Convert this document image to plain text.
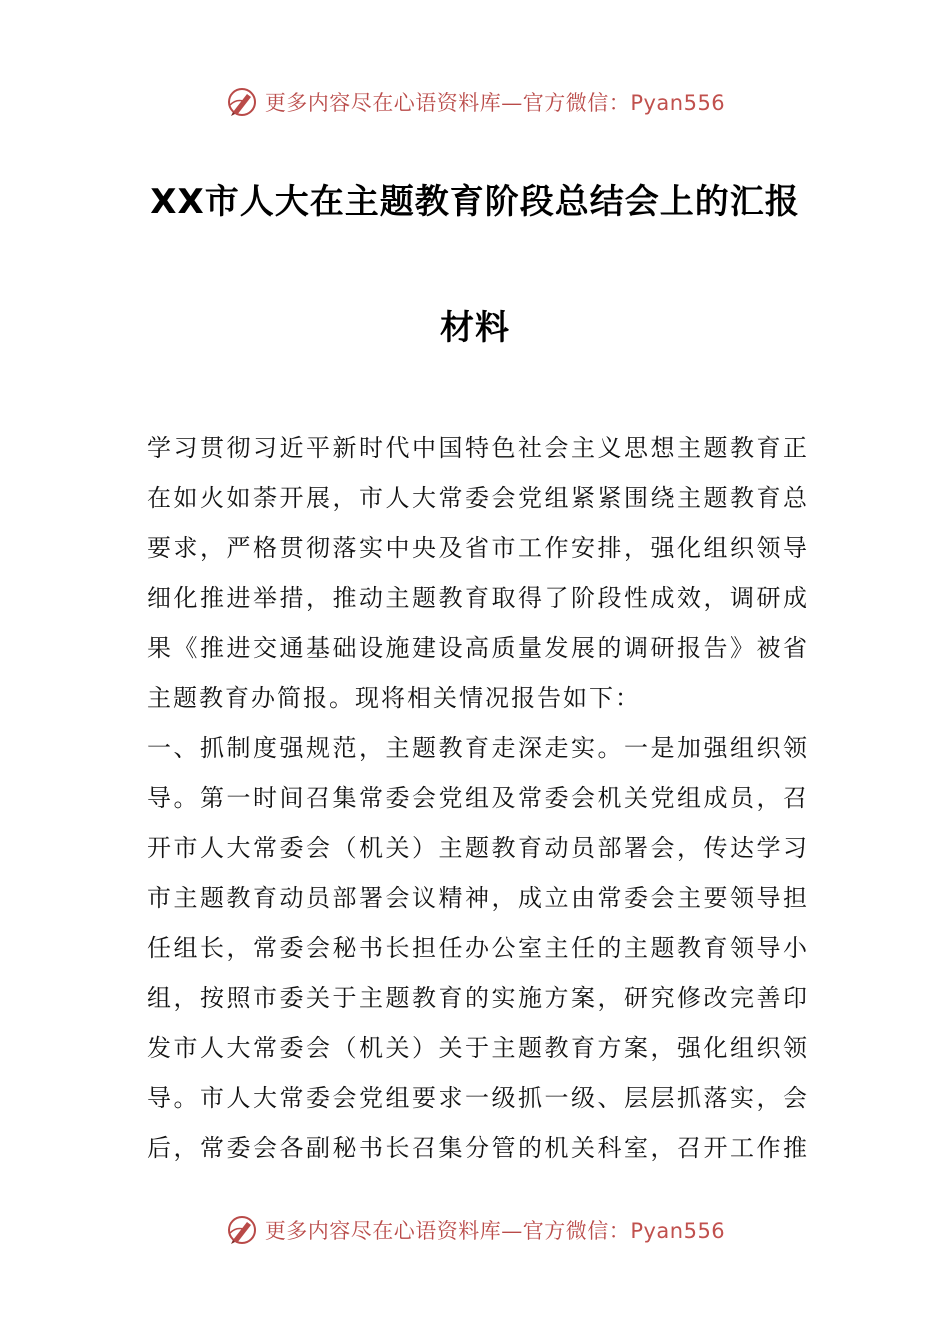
更多内容尽在心语资料库—官方微信：Pyan556
XX市人大在主题教育阶段总结会上的汇报
材料
学习贯彻习近平新时代中国特色社会主义思想主题教育正
在如火如荼开展，市人大常委会党组紧紧围绕主题教育总
要求，严格贯彻落实中央及省市工作安排，强化组织领导
细化推进举措，推动主题教育取得了阶段性成效，调研成
果《推进交通基础设施建设高质量发展的调研报告》被省
主题教育办简报。现将相关情况报告如下：
一、抓制度强规范，主题教育走深走实。一是加强组织领
导。第一时间召集常委会党组及常委会机关党组成员，召
开市人大常委会（机关）主题教育动员部署会，传达学习
市主题教育动员部署会议精神，成立由常委会主要领导担
任组长，常委会秘书长担任办公室主任的主题教育领导小
组，按照市委关于主题教育的实施方案，研究修改完善印
发市人大常委会（机关）关于主题教育方案，强化组织领
导。市人大常委会党组要求一级抓一级、层层抓落实，会
后，常委会各副秘书长召集分管的机关科室，召开工作推
更多内容尽在心语资料库—官方微信：Pyan556
